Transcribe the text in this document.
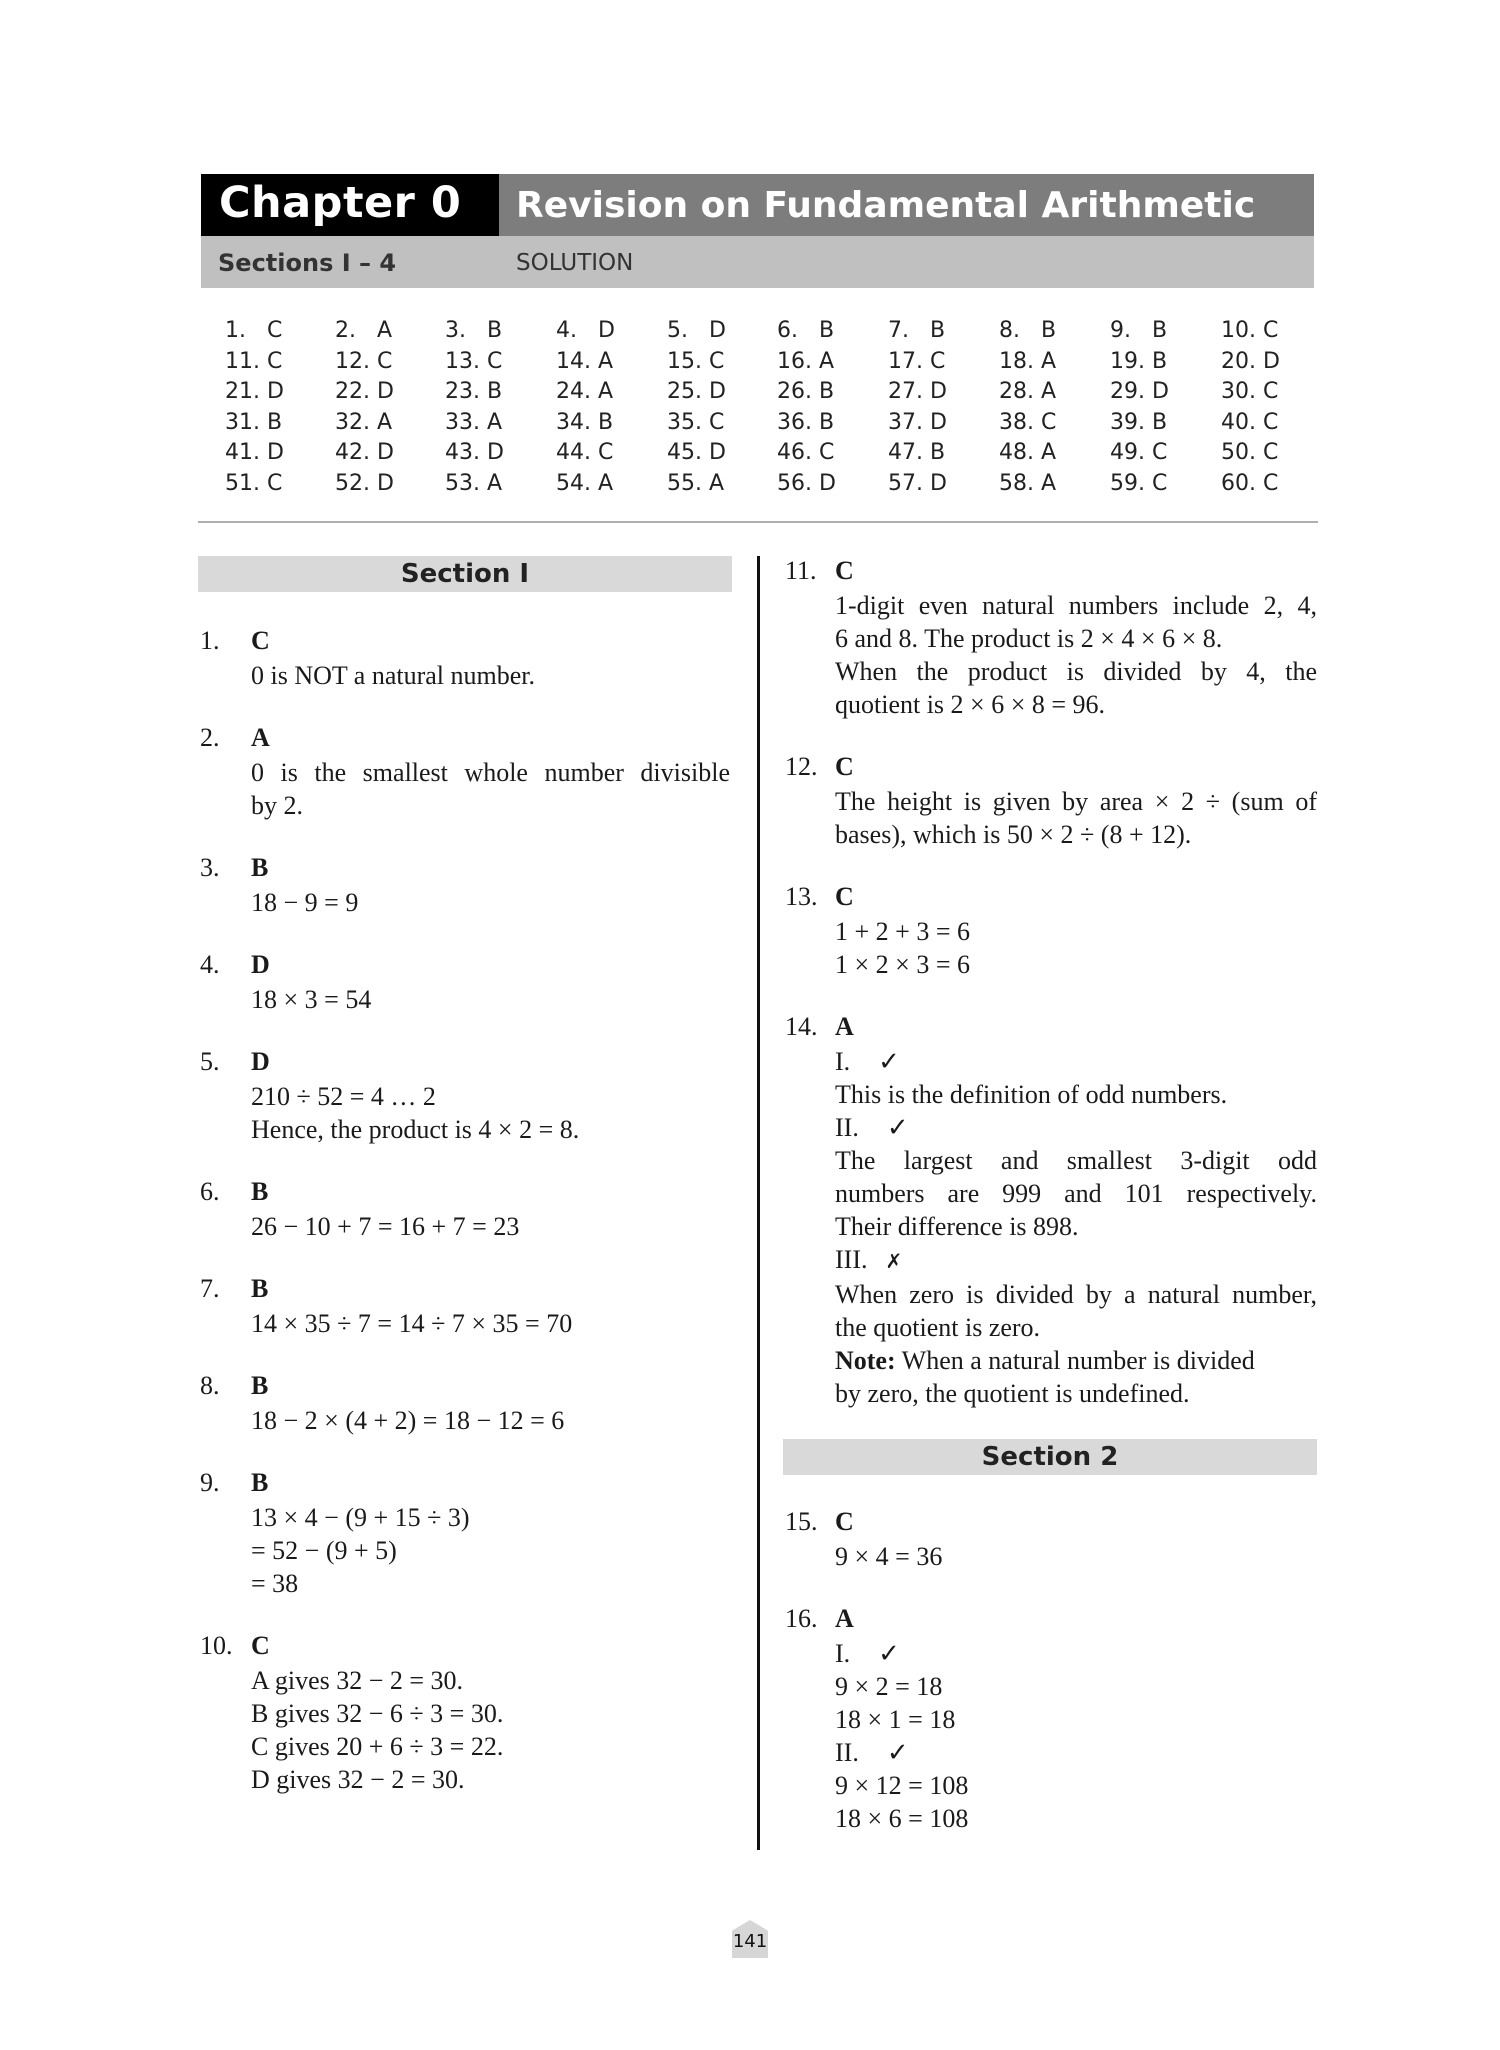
Chapter 0 Revision on Fundamental Arithmetic
Sections I – 4	SOLUTION
1.   C 2.   A 3.   B 4.   D 5.   D 6.   B 7.   B 8.   B 9.   B 10. C
11. C 12. C 13. C 14. A 15. C 16. A 17. C 18. A 19. B 20. D
21. D 22. D 23. B 24. A 25. D 26. B 27. D 28. A 29. D 30. C
31. B 32. A 33. A 34. B 35. C 36. B 37. D 38. C 39. B 40. C
41. D 42. D 43. D 44. C 45. D 46. C 47. B 48. A 49. C 50. C
51. C 52. D 53. A 54. A 55. A 56. D 57. D 58. A 59. C 60. C
Section I
1. C
0 is NOT a natural number.
2. A
0 is the smallest whole number divisible
by 2.
3. B
18 − 9 = 9
4. D
18 × 3 = 54
5. D
210 ÷ 52 = 4 … 2
Hence, the product is 4 × 2 = 8.
6. B
26 − 10 + 7 = 16 + 7 = 23
7. B
14 × 35 ÷ 7 = 14 ÷ 7 × 35 = 70
8. B
18 − 2 × (4 + 2) = 18 − 12 = 6
9. B
13 × 4 − (9 + 15 ÷ 3)
= 52 − (9 + 5)
= 38
10. C
A gives 32 − 2 = 30.
B gives 32 − 6 ÷ 3 = 30.
C gives 20 + 6 ÷ 3 = 22.
D gives 32 − 2 = 30.
11. C
1-digit even natural numbers include 2, 4,
6 and 8. The product is 2 × 4 × 6 × 8.
When the product is divided by 4, the
quotient is 2 × 6 × 8 = 96.
12. C
The height is given by area × 2 ÷ (sum of
bases), which is 50 × 2 ÷ (8 + 12).
13. C
1 + 2 + 3 = 6
1 × 2 × 3 = 6
14. A
I. ✓
This is the definition of odd numbers.
II. ✓
The largest and smallest 3-digit odd
numbers are 999 and 101 respectively.
Their difference is 898.
III. ✗
When zero is divided by a natural number,
the quotient is zero.
Note: When a natural number is divided
by zero, the quotient is undefined.
Section 2
15. C
9 × 4 = 36
16. A
I. ✓
9 × 2 = 18
18 × 1 = 18
II. ✓
9 × 12 = 108
18 × 6 = 108
141
